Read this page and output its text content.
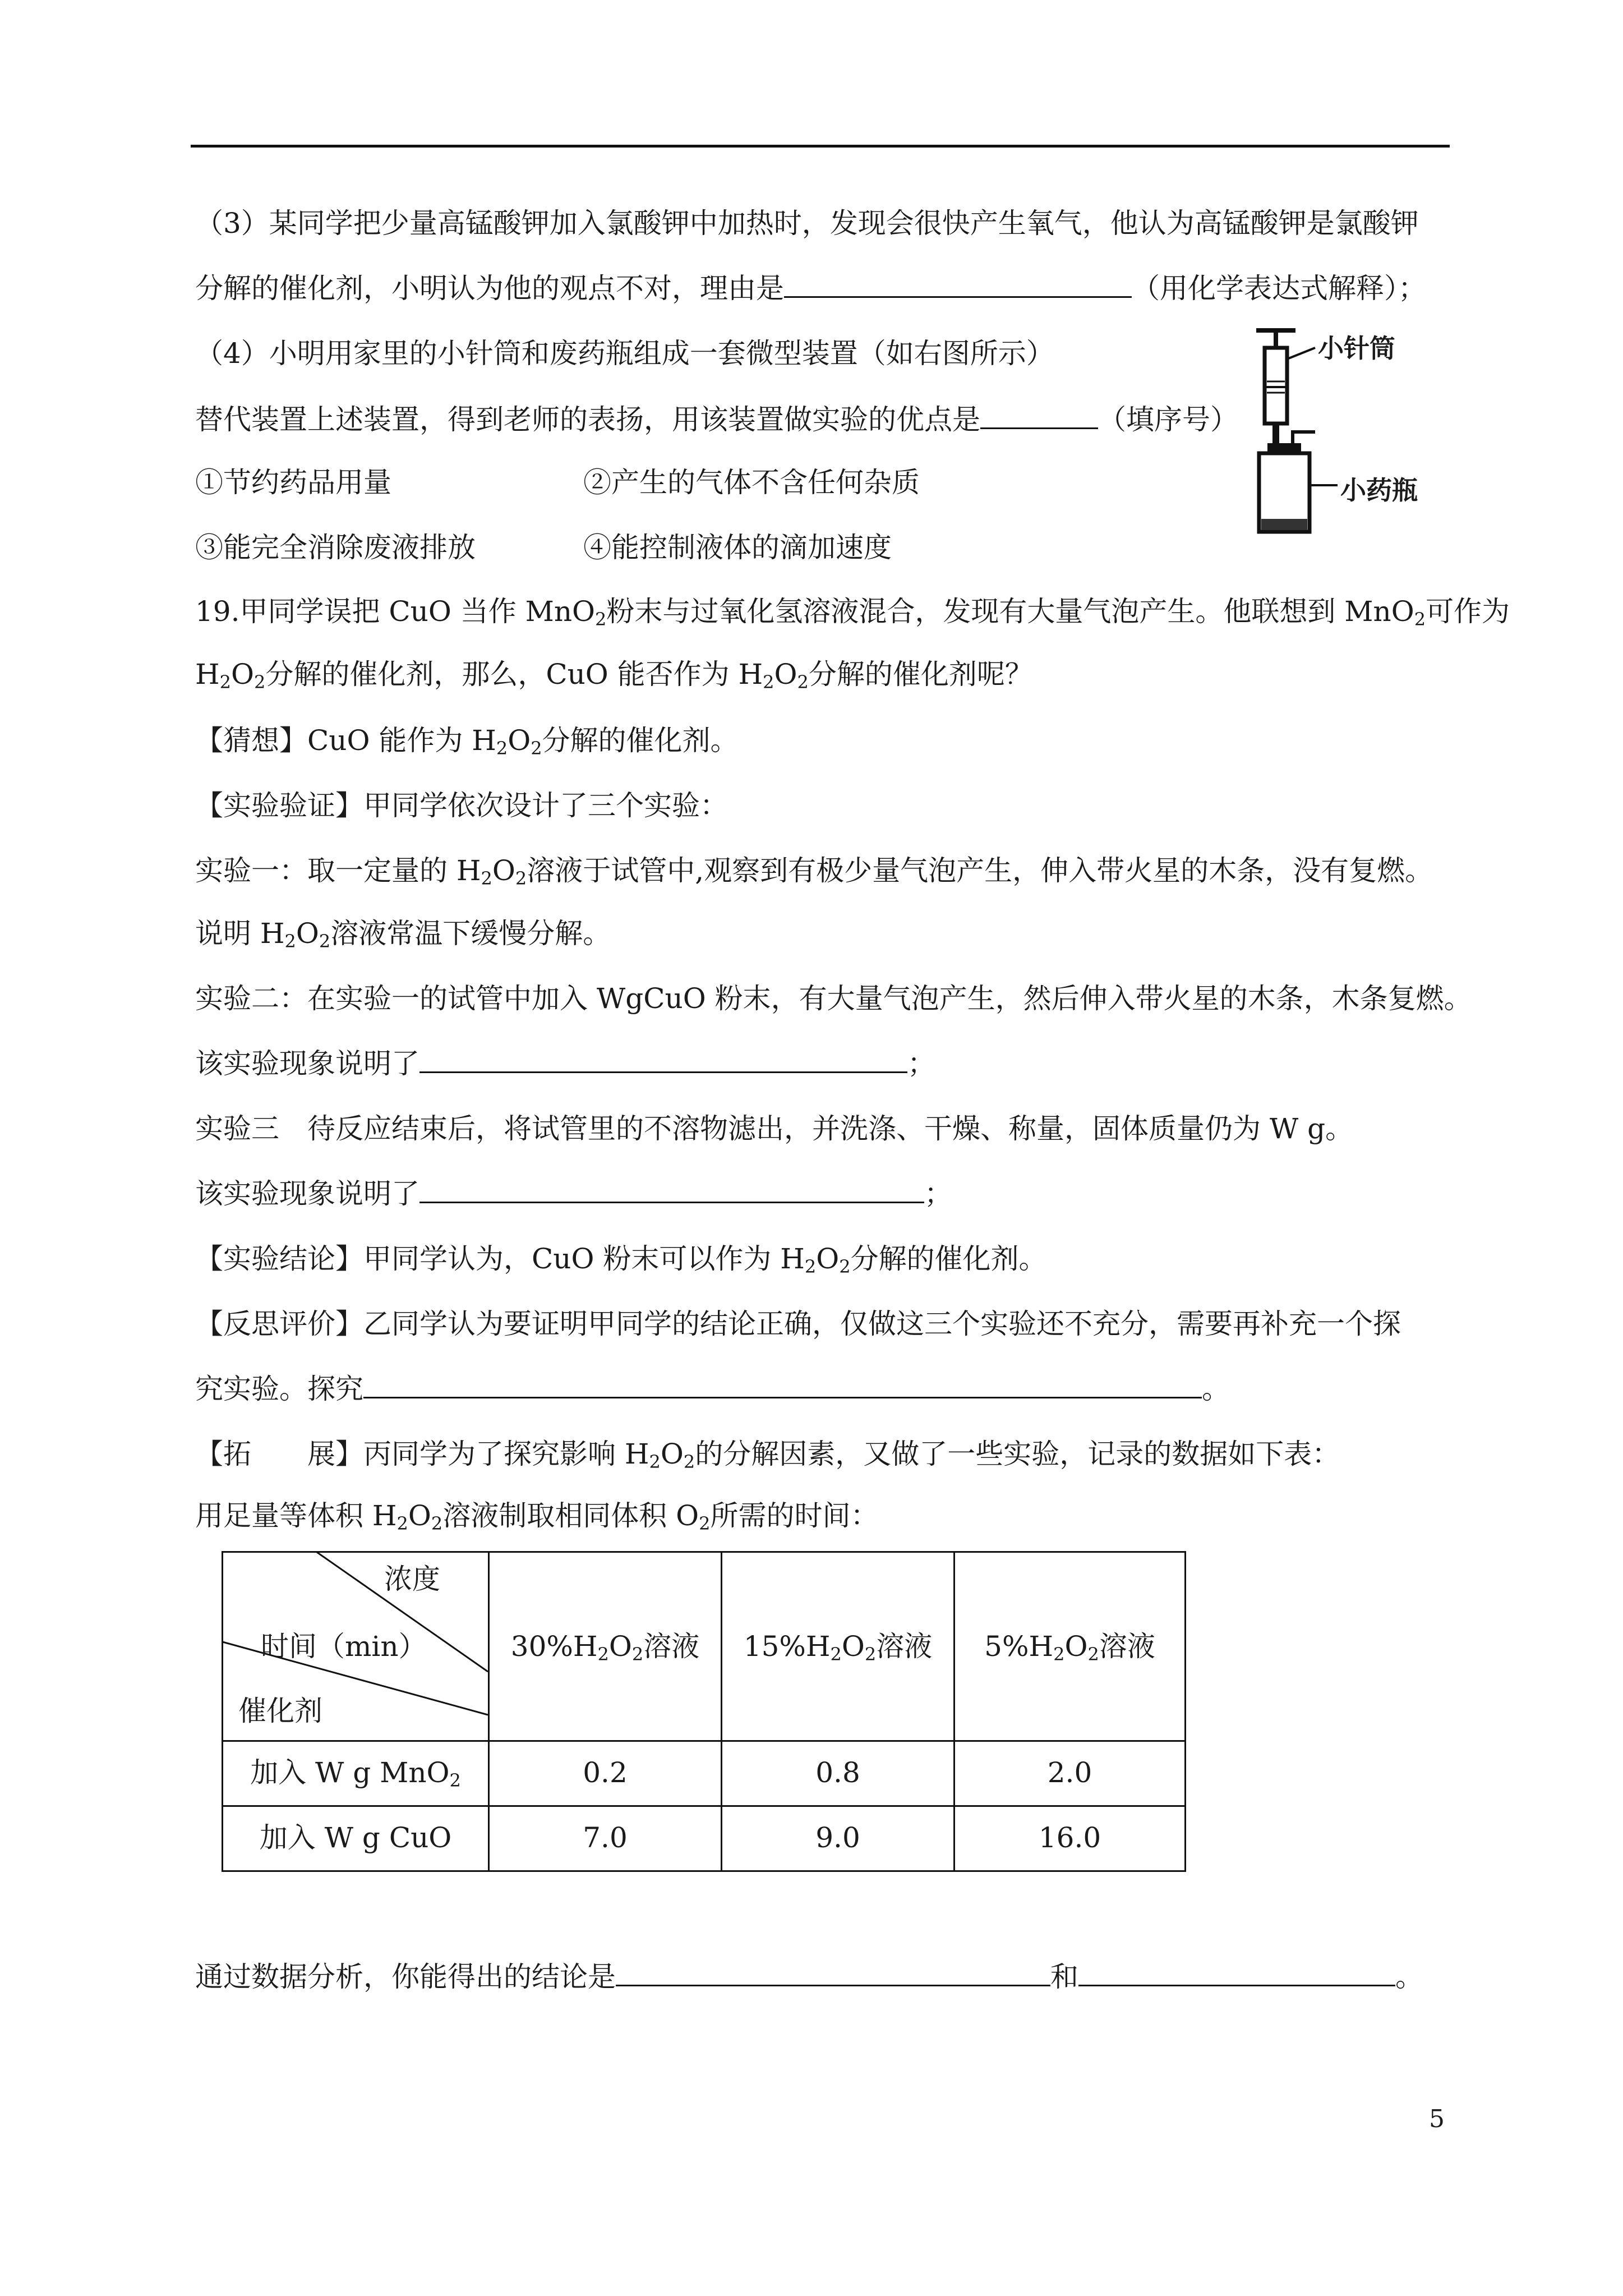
（3）某同学把少量高锰酸钾加入氯酸钾中加热时，发现会很快产生氧气，他认为高锰酸钾是氯酸钾
分解的催化剂，小明认为他的观点不对，理由是	（用化学表达式解释）；
（4）小明用家里的小针筒和废药瓶组成一套微型装置（如右图所示）
替代装置上述装置，得到老师的表扬，用该装置做实验的优点是	（填序号）
①节约药品用量	②产生的气体不含任何杂质
③能完全消除废液排放	④能控制液体的滴加速度
小针筒
小药瓶
19.甲同学误把 CuO 当作 MnO$_2$粉末与过氧化氢溶液混合，发现有大量气泡产生。他联想到 MnO$_2$可作为
$H_2O_2$分解的催化剂，那么，CuO 能否作为 $H_2O_2$分解的催化剂呢？
【猜想】CuO 能作为 $H_2O_2$分解的催化剂。
【实验验证】甲同学依次设计了三个实验：
实验一：取一定量的 $H_2O_2$溶液于试管中,观察到有极少量气泡产生，伸入带火星的木条，没有复燃。
说明 $H_2O_2$溶液常温下缓慢分解。
实验二：在实验一的试管中加入 WgCuO 粉末，有大量气泡产生，然后伸入带火星的木条，木条复燃。
该实验现象说明了	；
实验三　待反应结束后，将试管里的不溶物滤出，并洗涤、干燥、称量，固体质量仍为 W g。
该实验现象说明了	；
【实验结论】甲同学认为，CuO 粉末可以作为 $H_2O_2$分解的催化剂。
【反思评价】乙同学认为要证明甲同学的结论正确，仅做这三个实验还不充分，需要再补充一个探
究实验。探究	。
【拓　　展】丙同学为了探究影响 $H_2O_2$的分解因素，又做了一些实验，记录的数据如下表：
用足量等体积 $H_2O_2$溶液制取相同体积 $O_2$所需的时间：
浓度
时间（min）
催化剂
$30\%H_2O_2$溶液	$15\%H_2O_2$溶液	$5\%H_2O_2$溶液
加入 W g MnO$_2$	0.2	0.8	2.0
加入 W g CuO	7.0	9.0	16.0
通过数据分析，你能得出的结论是	和	。
5
